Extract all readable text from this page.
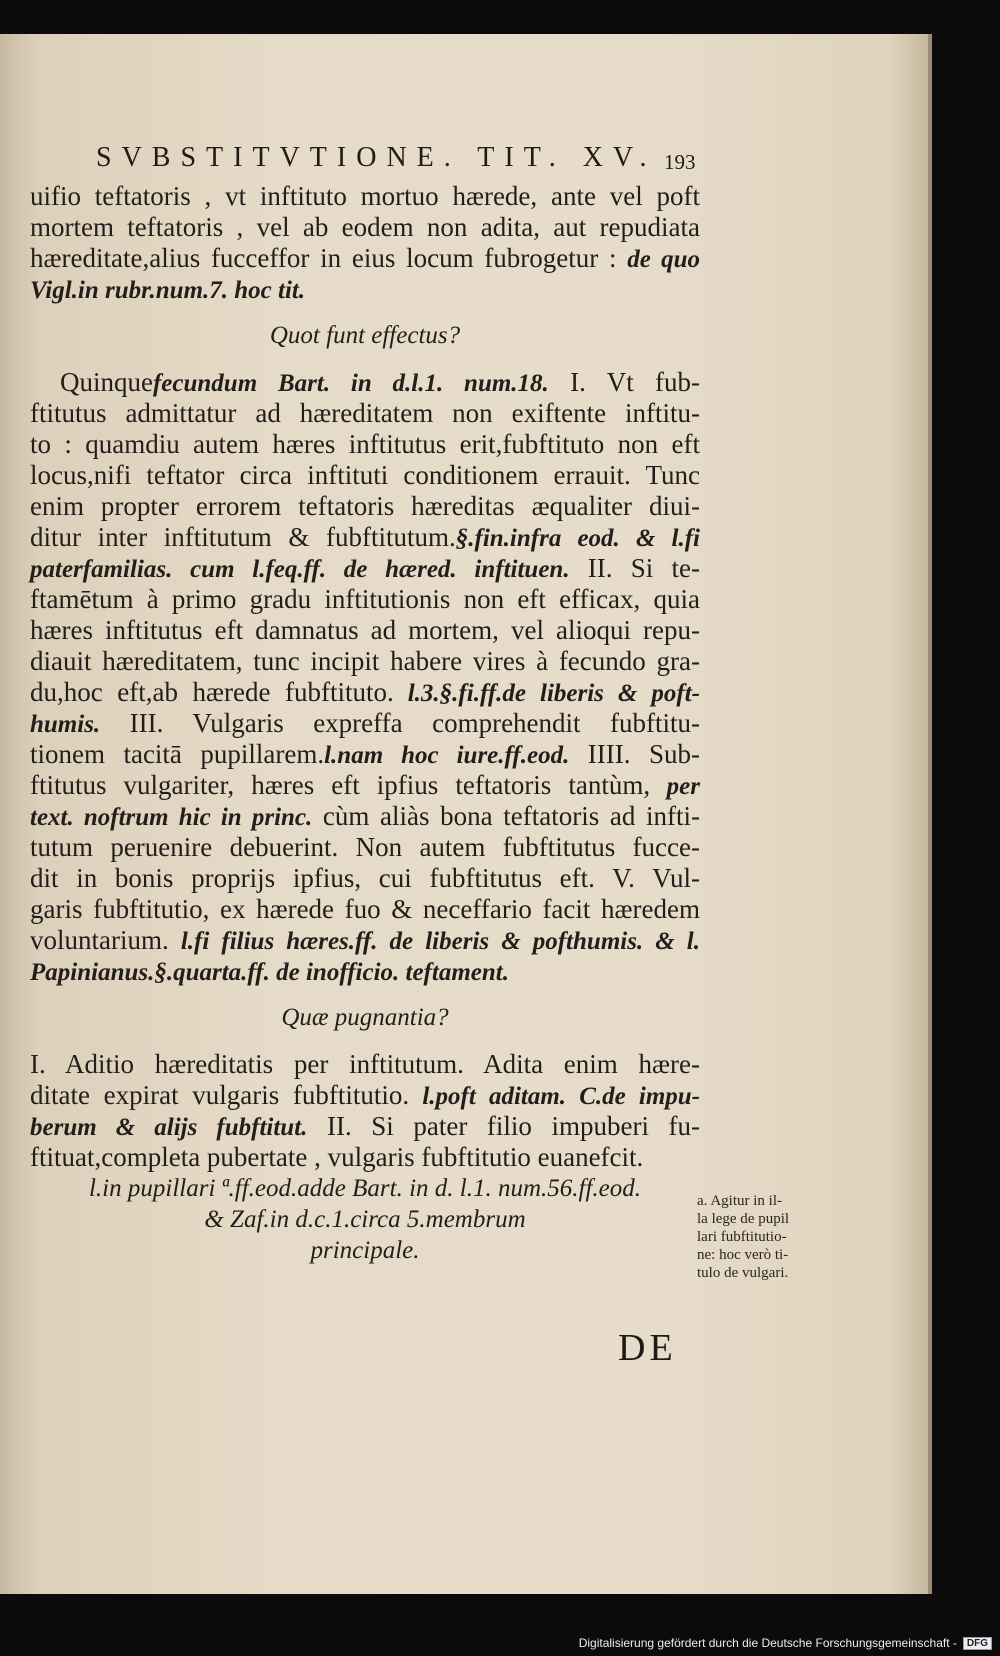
SVBSTITVTIONE. TIT. XV. 193
uifio teftatoris , vt inftituto mortuo hærede, ante vel poft
mortem teftatoris , vel ab eodem non adita, aut repudiata
hæreditate,alius fucceffor in eius locum fubrogetur : de quo
Vigl.in rubr.num.7. hoc tit.
Quot funt effectus?
Quinquefecundum Bart. in d.l.1. num.18. I. Vt fub-
ftitutus admittatur ad hæreditatem non exiftente inftitu-
to : quamdiu autem hæres inftitutus erit,fubftituto non eft
locus,nifi teftator circa inftituti conditionem errauit. Tunc
enim propter errorem teftatoris hæreditas æqualiter diui-
ditur inter inftitutum & fubftitutum.§.fin.infra eod. & l.fi
paterfamilias. cum l.feq.ff. de hæred. inftituen. II. Si te-
ftamētum à primo gradu inftitutionis non eft efficax, quia
hæres inftitutus eft damnatus ad mortem, vel alioqui repu-
diauit hæreditatem, tunc incipit habere vires à fecundo gra-
du,hoc eft,ab hærede fubftituto. l.3.§.fi.ff.de liberis & poft-
humis. III. Vulgaris expreffa comprehendit fubftitu-
tionem tacitā pupillarem.l.nam hoc iure.ff.eod. IIII. Sub-
ftitutus vulgariter, hæres eft ipfius teftatoris tantùm, per
text. noftrum hic in princ. cùm aliàs bona teftatoris ad infti-
tutum peruenire debuerint. Non autem fubftitutus fucce-
dit in bonis proprijs ipfius, cui fubftitutus eft. V. Vul-
garis fubftitutio, ex hærede fuo & neceffario facit hæredem
voluntarium. l.fi filius hæres.ff. de liberis & pofthumis. & l.
Papinianus.§.quarta.ff. de inofficio. teftament.
Quæ pugnantia?
I. Aditio hæreditatis per inftitutum. Adita enim hære-
ditate expirat vulgaris fubftitutio. l.poft aditam. C.de impu-
berum & alijs fubftitut. II. Si pater filio impuberi fu-
ftituat,completa pubertate , vulgaris fubftitutio euanefcit.
l.in pupillari ª.ff.eod.adde Bart. in d. l.1. num.56.ff.eod.
& Zaf.in d.c.1.circa 5.membrum
principale.
a. Agitur in il-
la lege de pupil
lari fubftitutio-
ne: hoc verò ti-
tulo de vulgari.
DE
Digitalisierung gefördert durch die Deutsche Forschungsgemeinschaft -	DFG
